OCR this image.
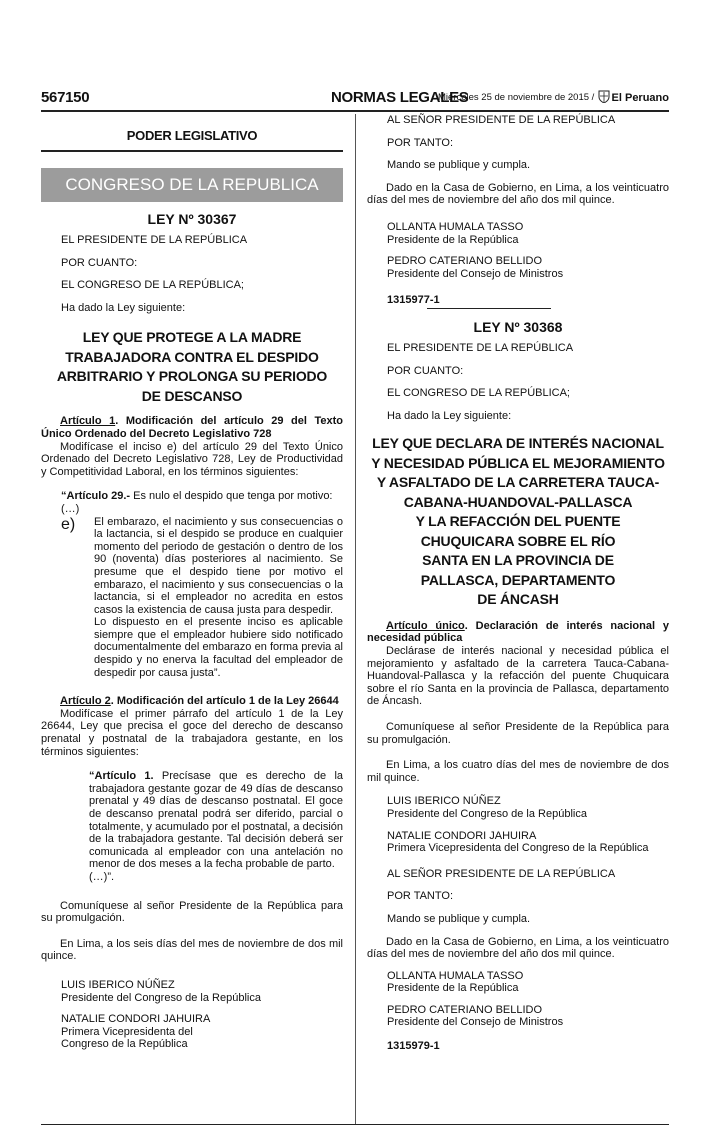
567150	NORMAS LEGALES
Miércoles 25 de noviembre de 2015 /	El Peruano
PODER LEGISLATIVO
CONGRESO DE LA REPUBLICA
LEY Nº 30367

EL PRESIDENTE DE LA REPÚBLICA

POR CUANTO:

EL CONGRESO DE LA REPÚBLICA;

Ha dado la Ley siguiente:

LEY QUE PROTEGE A LA MADRE
TRABAJADORA CONTRA EL DESPIDO
ARBITRARIO Y PROLONGA SU PERIODO
DE DESCANSO

Artículo 1. Modificación del artículo 29 del Texto Único Ordenado del Decreto Legislativo 728

Modifícase el inciso e) del artículo 29 del Texto Único Ordenado del Decreto Legislativo 728, Ley de Productividad y Competitividad Laboral, en los términos siguientes:

“Artículo 29.- Es nulo el despido que tenga por motivo:

(…)

e)	El embarazo, el nacimiento y sus consecuencias o la lactancia, si el despido se produce en cualquier momento del periodo de gestación o dentro de los 90 (noventa) días posteriores al nacimiento. Se presume que el despido tiene por motivo el embarazo, el nacimiento y sus consecuencias o la lactancia, si el empleador no acredita en estos casos la existencia de causa justa para despedir.

Lo dispuesto en el presente inciso es aplicable siempre que el empleador hubiere sido notificado documentalmente del embarazo en forma previa al despido y no enerva la facultad del empleador de despedir por causa justa”.

Artículo 2. Modificación del artículo 1 de la Ley 26644

Modifícase el primer párrafo del artículo 1 de la Ley 26644, Ley que precisa el goce del derecho de descanso prenatal y postnatal de la trabajadora gestante, en los términos siguientes:

“Artículo 1. Precísase que es derecho de la trabajadora gestante gozar de 49 días de descanso prenatal y 49 días de descanso postnatal. El goce de descanso prenatal podrá ser diferido, parcial o totalmente, y acumulado por el postnatal, a decisión de la trabajadora gestante. Tal decisión deberá ser comunicada al empleador con una antelación no menor de dos meses a la fecha probable de parto.

(…)”.

Comuníquese al señor Presidente de la República para su promulgación.

En Lima, a los seis días del mes de noviembre de dos mil quince.

LUIS IBERICO NÚÑEZ

Presidente del Congreso de la República

NATALIE CONDORI JAHUIRA

Primera Vicepresidenta del

Congreso de la República

AL SEÑOR PRESIDENTE DE LA REPÚBLICA

POR TANTO:

Mando se publique y cumpla.

Dado en la Casa de Gobierno, en Lima, a los veinticuatro días del mes de noviembre del año dos mil quince.

OLLANTA HUMALA TASSO

Presidente de la República

PEDRO CATERIANO BELLIDO

Presidente del Consejo de Ministros

1315977-1

LEY Nº 30368

EL PRESIDENTE DE LA REPÚBLICA

POR CUANTO:

EL CONGRESO DE LA REPÚBLICA;

Ha dado la Ley siguiente:

LEY QUE DECLARA DE INTERÉS NACIONAL
Y NECESIDAD PÚBLICA EL MEJORAMIENTO
Y ASFALTADO DE LA CARRETERA TAUCA-
CABANA-HUANDOVAL-PALLASCA
Y LA REFACCIÓN DEL PUENTE
CHUQUICARA SOBRE EL RÍO
SANTA EN LA PROVINCIA DE
PALLASCA, DEPARTAMENTO
DE ÁNCASH

Artículo único. Declaración de interés nacional y necesidad pública

Declárase de interés nacional y necesidad pública el mejoramiento y asfaltado de la carretera Tauca-Cabana-Huandoval-Pallasca y la refacción del puente Chuquicara sobre el río Santa en la provincia de Pallasca, departamento de Áncash.

Comuníquese al señor Presidente de la República para su promulgación.

En Lima, a los cuatro días del mes de noviembre de dos mil quince.

LUIS IBERICO NÚÑEZ

Presidente del Congreso de la República

NATALIE CONDORI JAHUIRA

Primera Vicepresidenta del Congreso de la República

AL SEÑOR PRESIDENTE DE LA REPÚBLICA

POR TANTO:

Mando se publique y cumpla.

Dado en la Casa de Gobierno, en Lima, a los veinticuatro días del mes de noviembre del año dos mil quince.

OLLANTA HUMALA TASSO

Presidente de la República

PEDRO CATERIANO BELLIDO

Presidente del Consejo de Ministros

1315979-1
